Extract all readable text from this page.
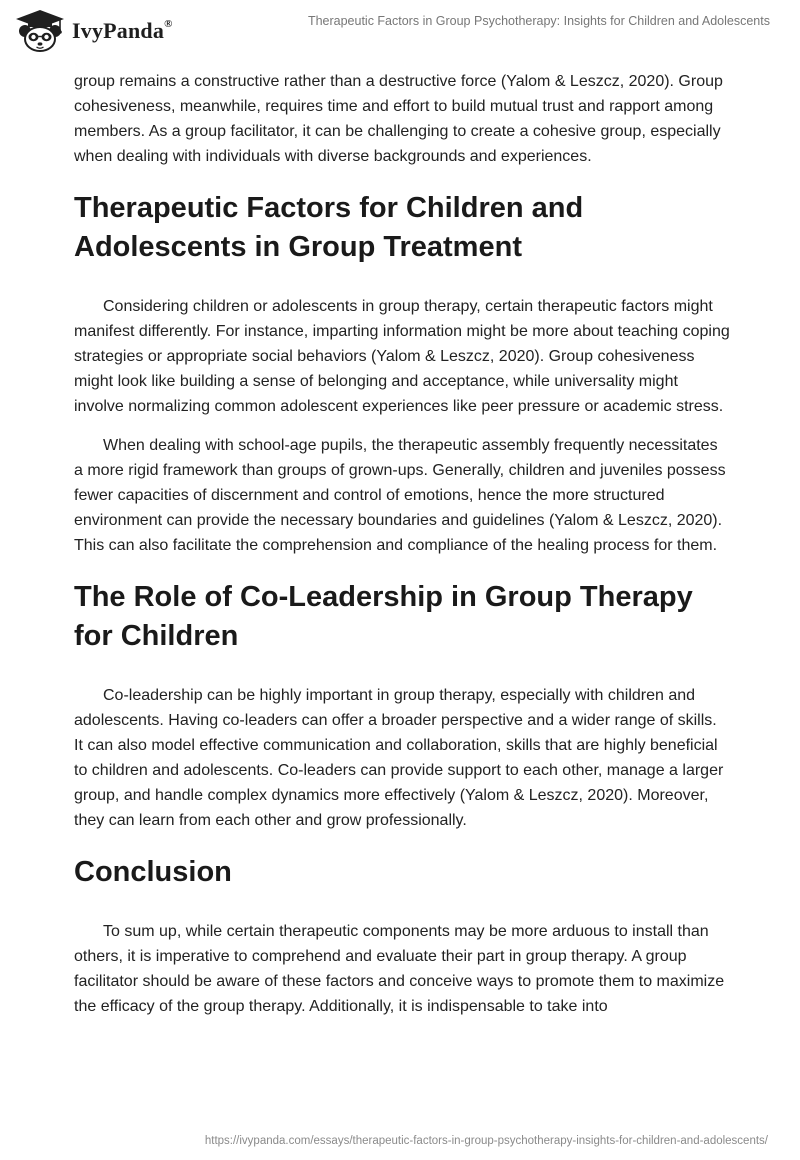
IvyPanda®	Therapeutic Factors in Group Psychotherapy: Insights for Children and Adolescents

group remains a constructive rather than a destructive force (Yalom & Leszcz, 2020). Group cohesiveness, meanwhile, requires time and effort to build mutual trust and rapport among members. As a group facilitator, it can be challenging to create a cohesive group, especially when dealing with individuals with diverse backgrounds and experiences.

Therapeutic Factors for Children and Adolescents in Group Treatment

Considering children or adolescents in group therapy, certain therapeutic factors might manifest differently. For instance, imparting information might be more about teaching coping strategies or appropriate social behaviors (Yalom & Leszcz, 2020). Group cohesiveness might look like building a sense of belonging and acceptance, while universality might involve normalizing common adolescent experiences like peer pressure or academic stress.

When dealing with school-age pupils, the therapeutic assembly frequently necessitates a more rigid framework than groups of grown-ups. Generally, children and juveniles possess fewer capacities of discernment and control of emotions, hence the more structured environment can provide the necessary boundaries and guidelines (Yalom & Leszcz, 2020). This can also facilitate the comprehension and compliance of the healing process for them.

The Role of Co-Leadership in Group Therapy for Children

Co-leadership can be highly important in group therapy, especially with children and adolescents. Having co-leaders can offer a broader perspective and a wider range of skills. It can also model effective communication and collaboration, skills that are highly beneficial to children and adolescents. Co-leaders can provide support to each other, manage a larger group, and handle complex dynamics more effectively (Yalom & Leszcz, 2020). Moreover, they can learn from each other and grow professionally.

Conclusion

To sum up, while certain therapeutic components may be more arduous to install than others, it is imperative to comprehend and evaluate their part in group therapy. A group facilitator should be aware of these factors and conceive ways to promote them to maximize the efficacy of the group therapy. Additionally, it is indispensable to take into

https://ivypanda.com/essays/therapeutic-factors-in-group-psychotherapy-insights-for-children-and-adolescents/
